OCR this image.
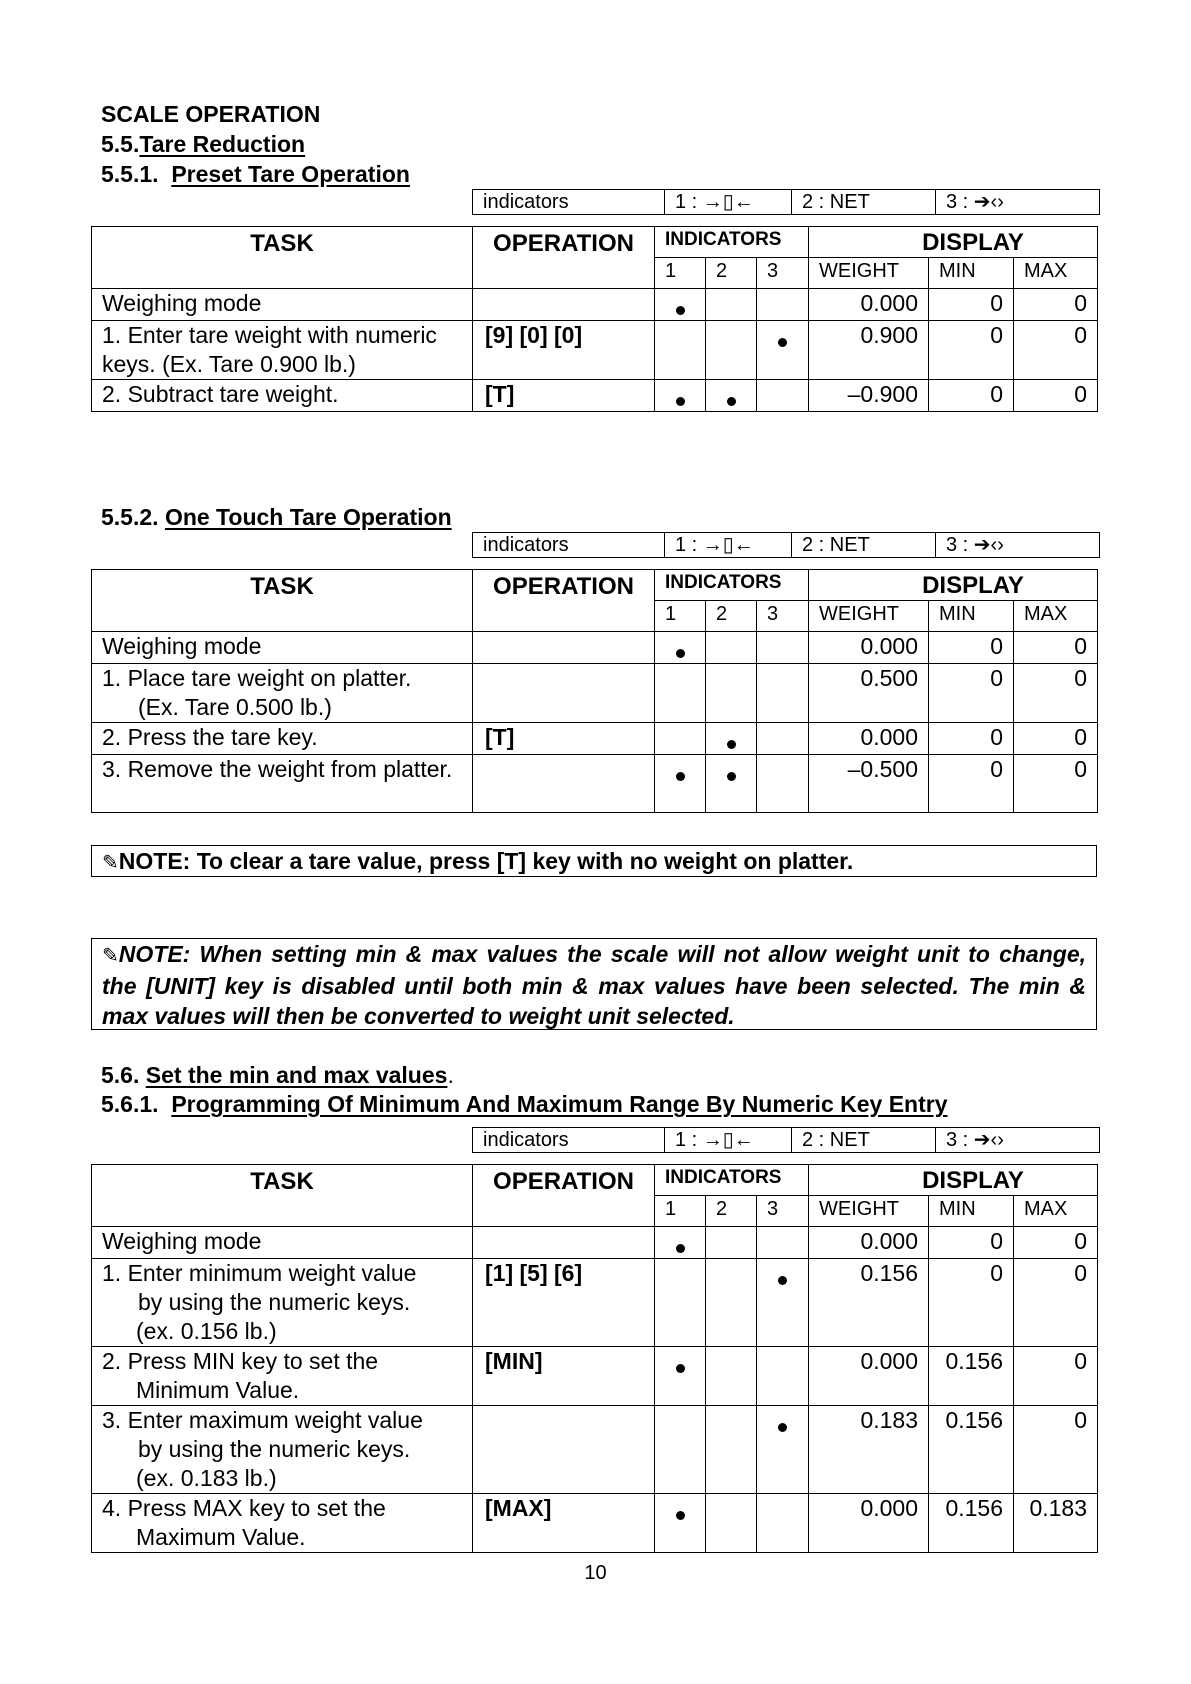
SCALE OPERATION
5.5.Tare Reduction
5.5.1. Preset Tare Operation
indicators	1 : →▯←	2 : NET	3 : ➔‹›
TASK	OPERATION	INDICATORS			DISPLAY		
		1	2	3	WEIGHT	MIN	MAX
Weighing mode					0.000	0	0
1. Enter tare weight with numeric keys. (Ex. Tare 0.900 lb.)	[9] [0] [0]				0.900	0	0
2. Subtract tare weight.	[T]				–0.900	0	0
5.5.2. One Touch Tare Operation
indicators	1 : →▯←	2 : NET	3 : ➔‹›
TASK	OPERATION	INDICATORS			DISPLAY		
		1	2	3	WEIGHT	MIN	MAX
Weighing mode					0.000	0	0
1. Place tare weight on platter.
(Ex. Tare 0.500 lb.)					0.500	0	0
2. Press the tare key.	[T]				0.000	0	0
3. Remove the weight from platter.					–0.500	0	0
✎NOTE: To clear a tare value, press [T] key with no weight on platter.
✎NOTE: When setting min & max values the scale will not allow weight unit to change, the [UNIT] key is disabled until both min & max values have been selected. The min & max values will then be converted to weight unit selected.
5.6. Set the min and max values.
5.6.1. Programming Of Minimum And Maximum Range By Numeric Key Entry
indicators	1 : →▯←	2 : NET	3 : ➔‹›
TASK	OPERATION	INDICATORS			DISPLAY		
		1	2	3	WEIGHT	MIN	MAX
Weighing mode					0.000	0	0
1. Enter minimum weight value
by using the numeric keys.
(ex. 0.156 lb.)	[1] [5] [6]				0.156	0	0
2. Press MIN key to set the
Minimum Value.	[MIN]				0.000	0.156	0
3. Enter maximum weight value
by using the numeric keys.
(ex. 0.183 lb.)					0.183	0.156	0
4. Press MAX key to set the
Maximum Value.	[MAX]				0.000	0.156	0.183
10
